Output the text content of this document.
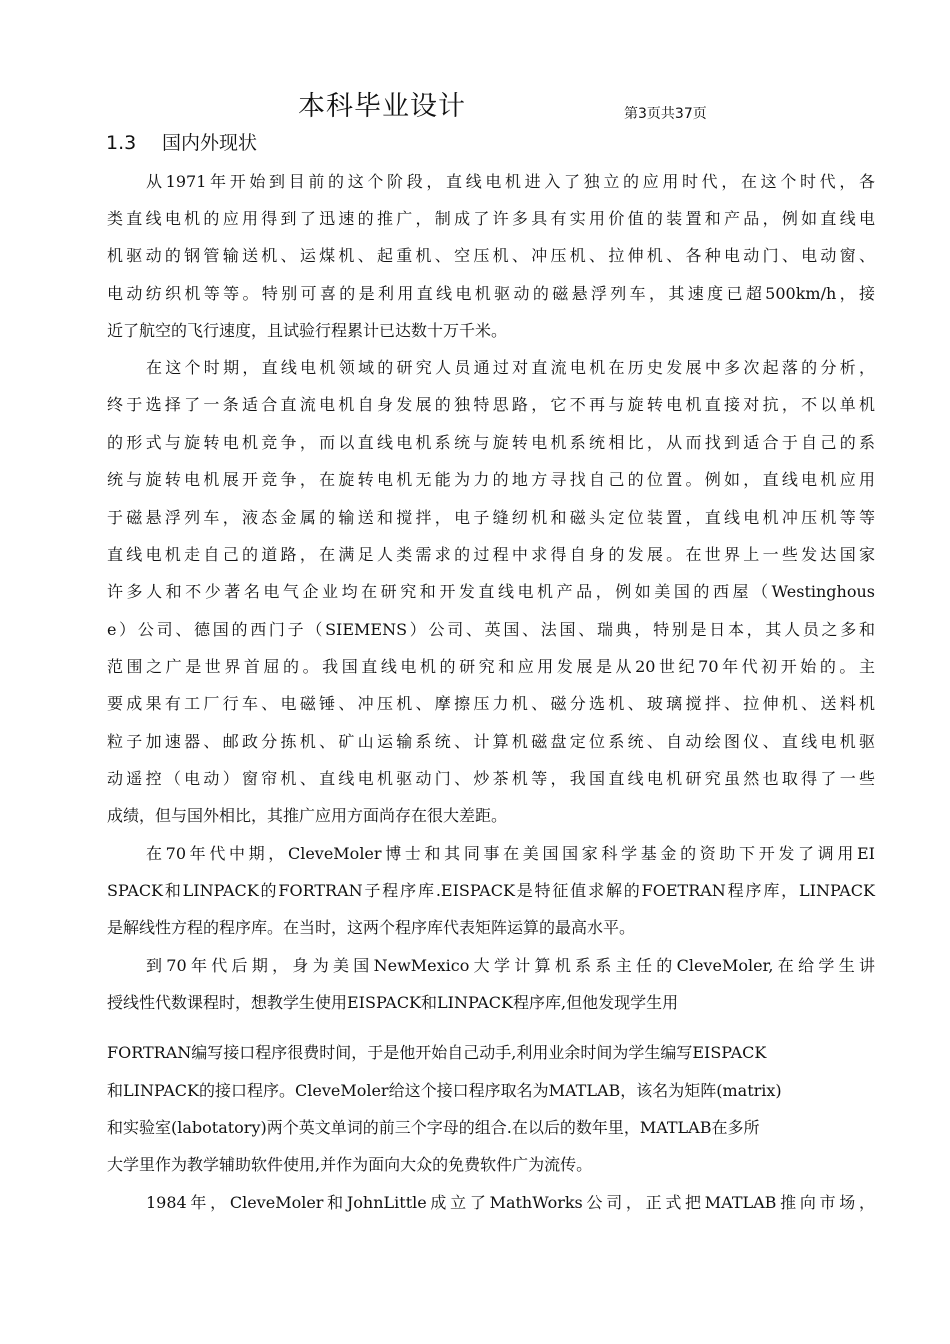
本科毕业设计	第3页共37页
1.3 国内外现状
从1971年开始到目前的这个阶段，直线电机进入了独立的应用时代，在这个时代，各
类直线电机的应用得到了迅速的推广，制成了许多具有实用价值的装置和产品，例如直线电
机驱动的钢管输送机、运煤机、起重机、空压机、冲压机、拉伸机、各种电动门、电动窗、
电动纺织机等等。特别可喜的是利用直线电机驱动的磁悬浮列车，其速度已超500km/h，接
近了航空的飞行速度，且试验行程累计已达数十万千米。
在这个时期，直线电机领域的研究人员通过对直流电机在历史发展中多次起落的分析，
终于选择了一条适合直流电机自身发展的独特思路，它不再与旋转电机直接对抗，不以单机
的形式与旋转电机竞争，而以直线电机系统与旋转电机系统相比，从而找到适合于自己的系
统与旋转电机展开竞争，在旋转电机无能为力的地方寻找自己的位置。例如，直线电机应用
于磁悬浮列车，液态金属的输送和搅拌，电子缝纫机和磁头定位装置，直线电机冲压机等等
直线电机走自己的道路，在满足人类需求的过程中求得自身的发展。在世界上一些发达国家
许多人和不少著名电气企业均在研究和开发直线电机产品，例如美国的西屋（Westinghous
e）公司、德国的西门子（SIEMENS）公司、英国、法国、瑞典，特别是日本，其人员之多和
范围之广是世界首屈的。我国直线电机的研究和应用发展是从20世纪70年代初开始的。主
要成果有工厂行车、电磁锤、冲压机、摩擦压力机、磁分选机、玻璃搅拌、拉伸机、送料机
粒子加速器、邮政分拣机、矿山运输系统、计算机磁盘定位系统、自动绘图仪、直线电机驱
动遥控（电动）窗帘机、直线电机驱动门、炒茶机等，我国直线电机研究虽然也取得了一些
成绩，但与国外相比，其推广应用方面尚存在很大差距。
在70年代中期，CleveMoler博士和其同事在美国国家科学基金的资助下开发了调用EI
SPACK和LINPACK的FORTRAN子程序库.EISPACK是特征值求解的FOETRAN程序库，LINPACK
是解线性方程的程序库。在当时，这两个程序库代表矩阵运算的最高水平。
到70年代后期，身为美国NewMexico大学计算机系系主任的CleveMoler,在给学生讲
授线性代数课程时，想教学生使用EISPACK和LINPACK程序库,但他发现学生用
FORTRAN编写接口程序很费时间，于是他开始自己动手,利用业余时间为学生编写EISPACK
和LINPACK的接口程序。CleveMoler给这个接口程序取名为MATLAB，该名为矩阵(matrix)
和实验室(labotatory)两个英文单词的前三个字母的组合.在以后的数年里，MATLAB在多所
大学里作为教学辅助软件使用,并作为面向大众的免费软件广为流传。
1984年，CleveMoler和JohnLittle成立了MathWorks公司，正式把MATLAB推向市场，
